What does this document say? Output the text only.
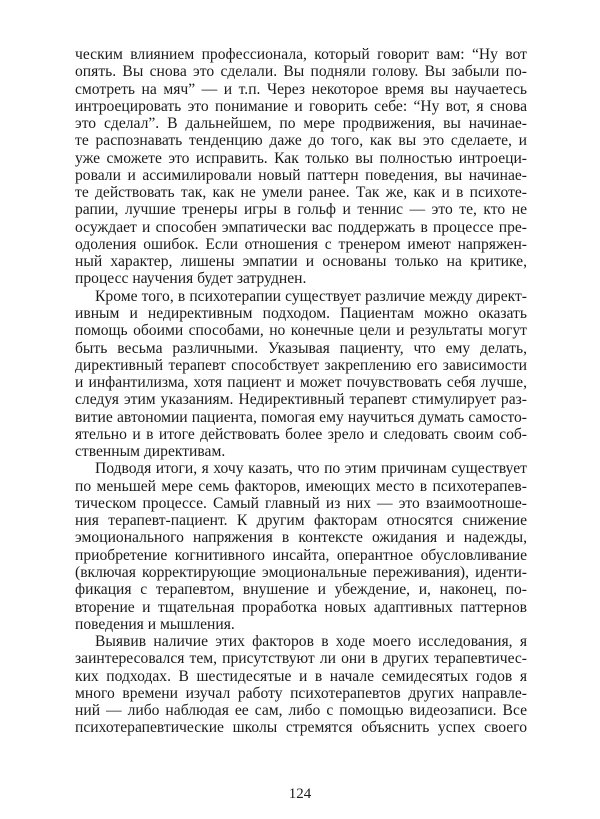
ческим влиянием профессионала, который говорит вам: “Ну вот
опять. Вы снова это сделали. Вы подняли голову. Вы забыли по-
смотреть на мяч” — и т.п. Через некоторое время вы научаетесь
интроецировать это понимание и говорить себе: “Ну вот, я снова
это сделал”. В дальнейшем, по мере продвижения, вы начинае-
те распознавать тенденцию даже до того, как вы это сделаете, и
уже сможете это исправить. Как только вы полностью интроеци-
ровали и ассимилировали новый паттерн поведения, вы начинае-
те действовать так, как не умели ранее. Так же, как и в психоте-
рапии, лучшие тренеры игры в гольф и теннис — это те, кто не
осуждает и способен эмпатически вас поддержать в процессе пре-
одоления ошибок. Если отношения с тренером имеют напряжен-
ный характер, лишены эмпатии и основаны только на критике,
процесс научения будет затруднен.
Кроме того, в психотерапии существует различие между директ-
ивным и недирективным подходом. Пациентам можно оказать
помощь обоими способами, но конечные цели и результаты могут
быть весьма различными. Указывая пациенту, что ему делать,
директивный терапевт способствует закреплению его зависимости
и инфантилизма, хотя пациент и может почувствовать себя лучше,
следуя этим указаниям. Недирективный терапевт стимулирует раз-
витие автономии пациента, помогая ему научиться думать самосто-
ятельно и в итоге действовать более зрело и следовать своим соб-
ственным директивам.
Подводя итоги, я хочу казать, что по этим причинам существует
по меньшей мере семь факторов, имеющих место в психотерапев-
тическом процессе. Самый главный из них — это взаимоотноше-
ния терапевт-пациент. К другим факторам относятся снижение
эмоционального напряжения в контексте ожидания и надежды,
приобретение когнитивного инсайта, оперантное обусловливание
(включая корректирующие эмоциональные переживания), иденти-
фикация с терапевтом, внушение и убеждение, и, наконец, по-
вторение и тщательная проработка новых адаптивных паттернов
поведения и мышления.
Выявив наличие этих факторов в ходе моего исследования, я
заинтересовался тем, присутствуют ли они в других терапевтичес-
ких подходах. В шестидесятые и в начале семидесятых годов я
много времени изучал работу психотерапевтов других направле-
ний — либо наблюдая ее сам, либо с помощью видеозаписи. Все
психотерапевтические школы стремятся объяснить успех своего
124
